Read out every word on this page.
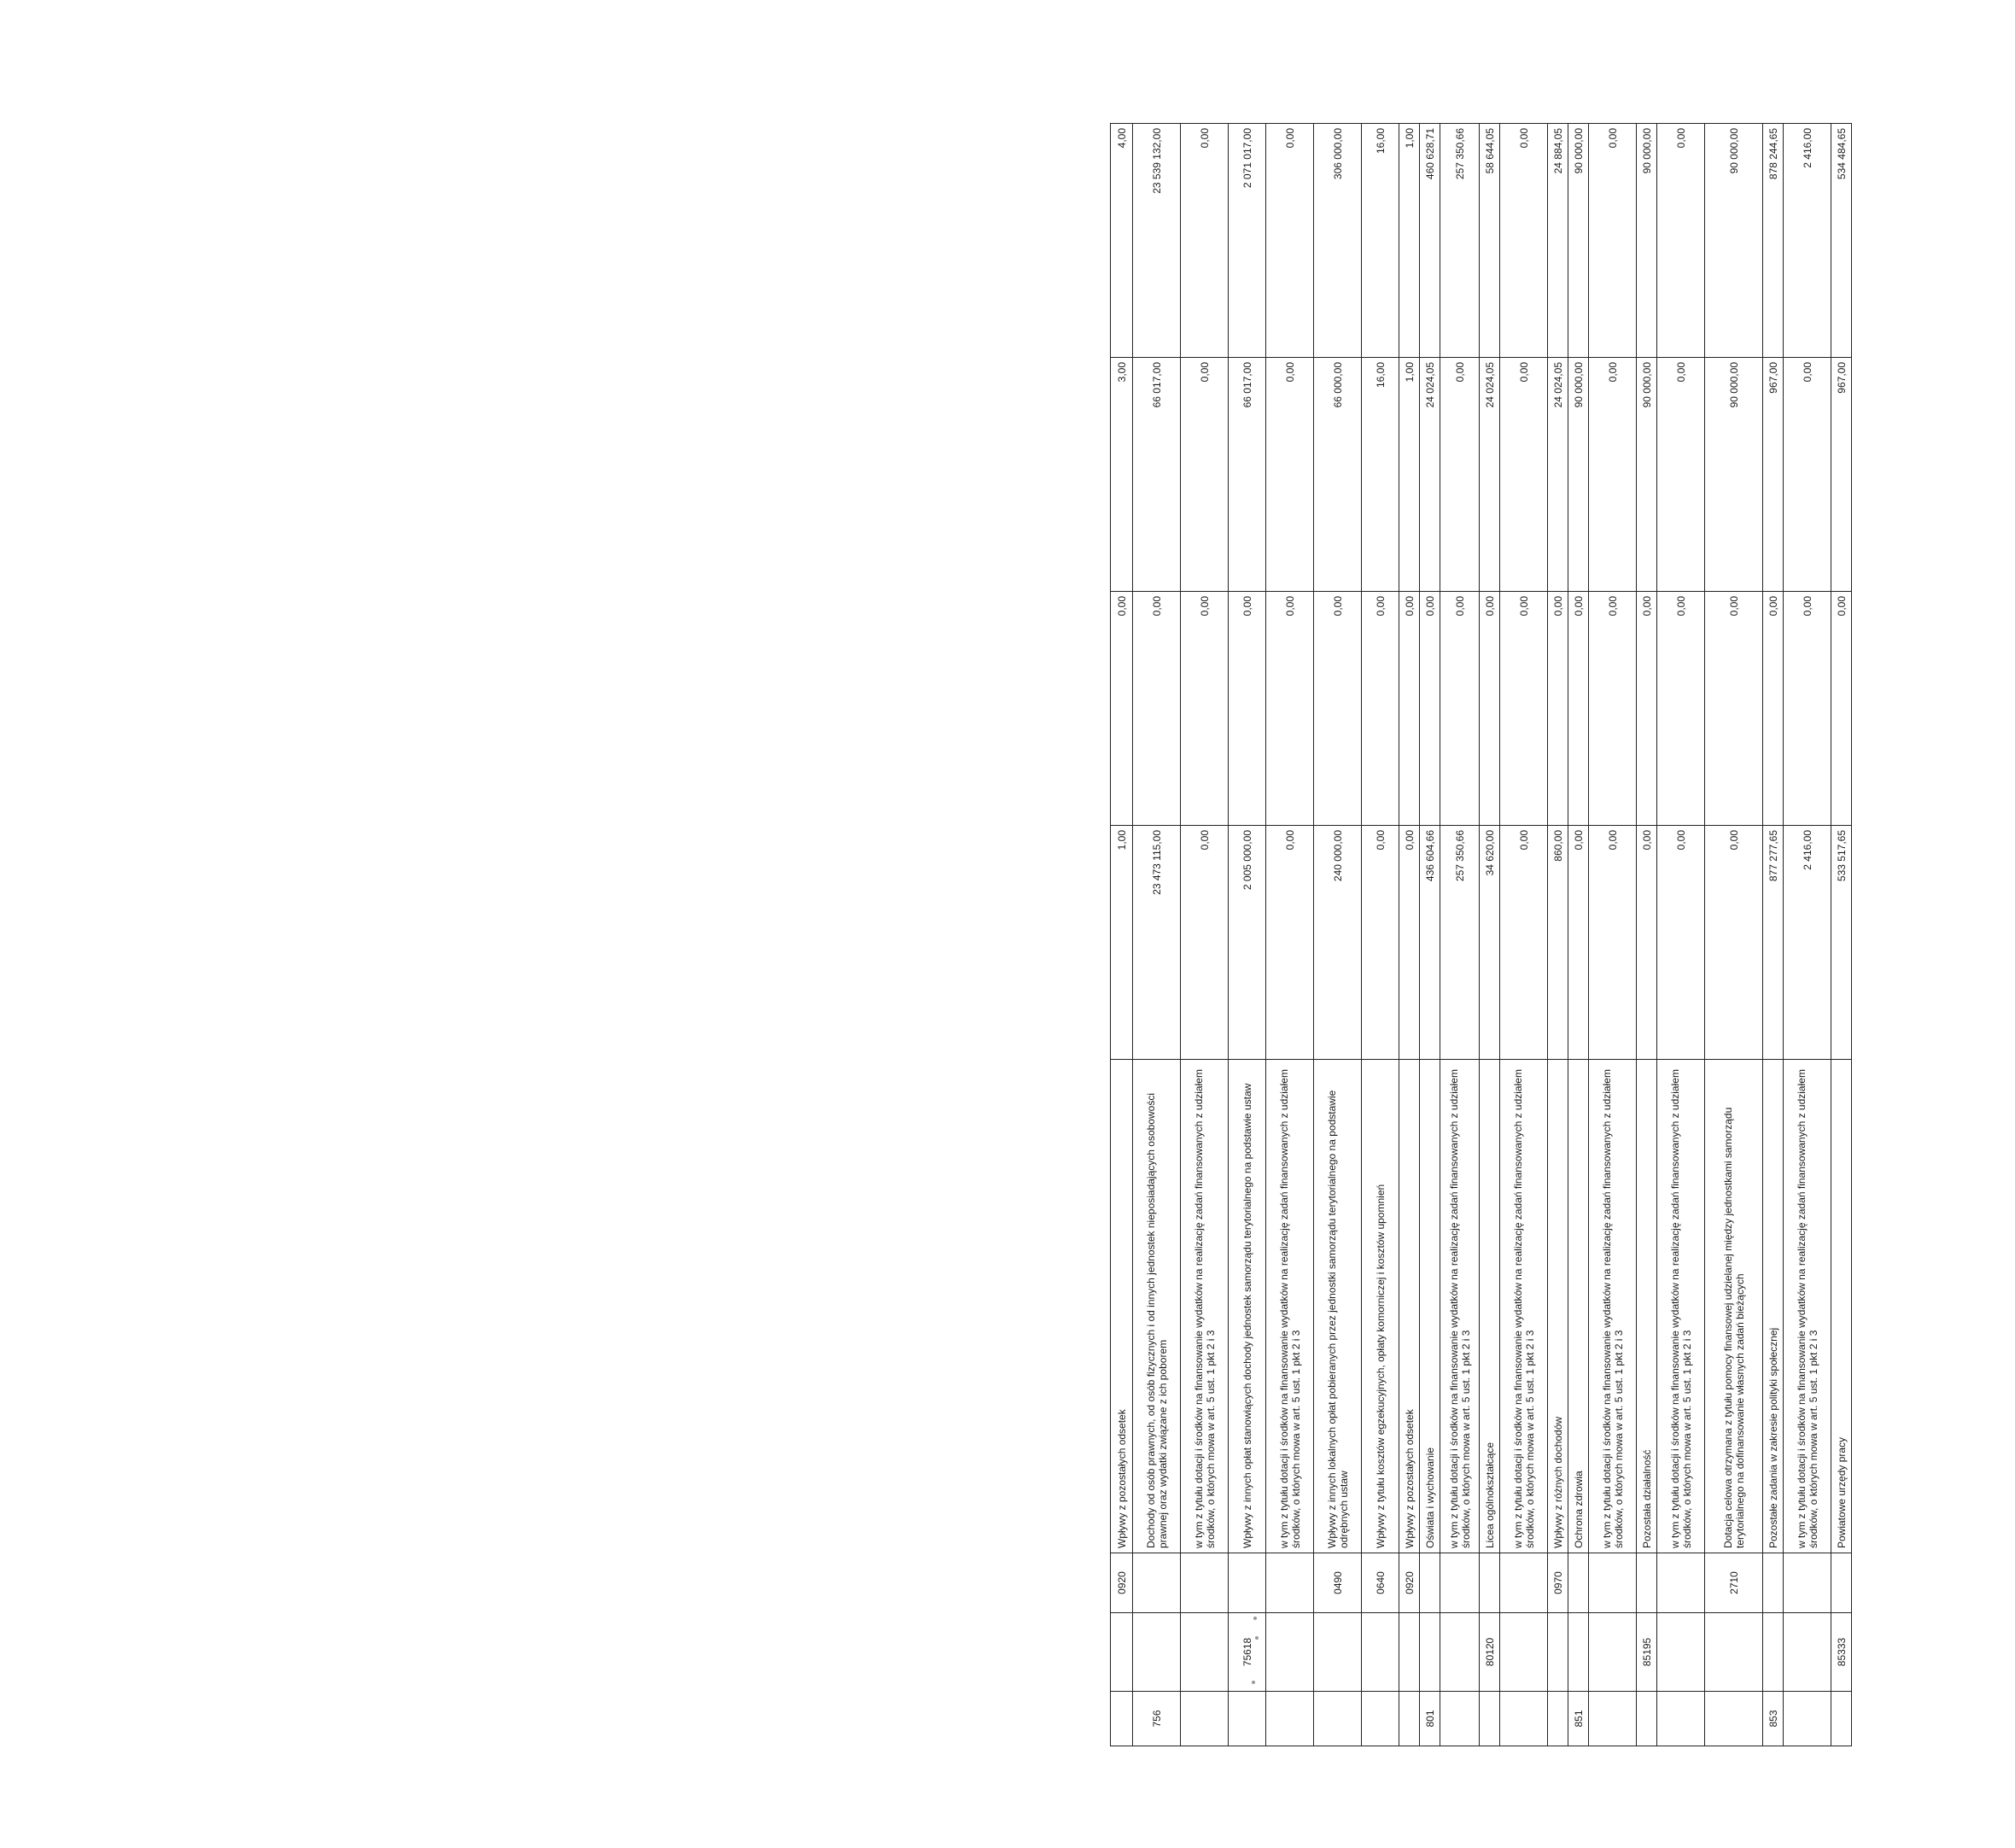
		0920	Wpływy z pozostałych odsetek	1,00	0,00	3,00	4,00
756			Dochody od osób prawnych, od osób fizycznych i od innych jednostek nieposiadających osobowości prawnej oraz wydatki związane z ich poborem	23 473 115,00	0,00	66 017,00	23 539 132,00
			w tym z tytułu dotacji i środków na finansowanie wydatków na realizację zadań finansowanych z udziałem środków, o których mowa w art. 5 ust. 1 pkt 2 i 3	0,00	0,00	0,00	0,00
	75618		Wpływy z innych opłat stanowiących dochody jednostek samorządu terytorialnego na podstawie ustaw	2 005 000,00	0,00	66 017,00	2 071 017,00
			w tym z tytułu dotacji i środków na finansowanie wydatków na realizację zadań finansowanych z udziałem środków, o których mowa w art. 5 ust. 1 pkt 2 i 3	0,00	0,00	0,00	0,00
		0490	Wpływy z innych lokalnych opłat pobieranych przez jednostki samorządu terytorialnego na podstawie odrębnych ustaw	240 000,00	0,00	66 000,00	306 000,00
		0640	Wpływy z tytułu kosztów egzekucyjnych, opłaty komorniczej i kosztów upomnień	0,00	0,00	16,00	16,00
		0920	Wpływy z pozostałych odsetek	0,00	0,00	1,00	1,00
801			Oświata i wychowanie	436 604,66	0,00	24 024,05	460 628,71
			w tym z tytułu dotacji i środków na finansowanie wydatków na realizację zadań finansowanych z udziałem środków, o których mowa w art. 5 ust. 1 pkt 2 i 3	257 350,66	0,00	0,00	257 350,66
	80120		Licea ogólnokształcące	34 620,00	0,00	24 024,05	58 644,05
			w tym z tytułu dotacji i środków na finansowanie wydatków na realizację zadań finansowanych z udziałem środków, o których mowa w art. 5 ust. 1 pkt 2 i 3	0,00	0,00	0,00	0,00
		0970	Wpływy z różnych dochodów	860,00	0,00	24 024,05	24 884,05
851			Ochrona zdrowia	0,00	0,00	90 000,00	90 000,00
			w tym z tytułu dotacji i środków na finansowanie wydatków na realizację zadań finansowanych z udziałem środków, o których mowa w art. 5 ust. 1 pkt 2 i 3	0,00	0,00	0,00	0,00
	85195		Pozostała działalność	0,00	0,00	90 000,00	90 000,00
			w tym z tytułu dotacji i środków na finansowanie wydatków na realizację zadań finansowanych z udziałem środków, o których mowa w art. 5 ust. 1 pkt 2 i 3	0,00	0,00	0,00	0,00
		2710	Dotacja celowa otrzymana z tytułu pomocy finansowej udzielanej między jednostkami samorządu terytorialnego na dofinansowanie własnych zadań bieżących	0,00	0,00	90 000,00	90 000,00
853			Pozostałe zadania w zakresie polityki społecznej	877 277,65	0,00	967,00	878 244,65
			w tym z tytułu dotacji i środków na finansowanie wydatków na realizację zadań finansowanych z udziałem środków, o których mowa w art. 5 ust. 1 pkt 2 i 3	2 416,00	0,00	0,00	2 416,00
	85333		Powiatowe urzędy pracy	533 517,65	0,00	967,00	534 484,65
